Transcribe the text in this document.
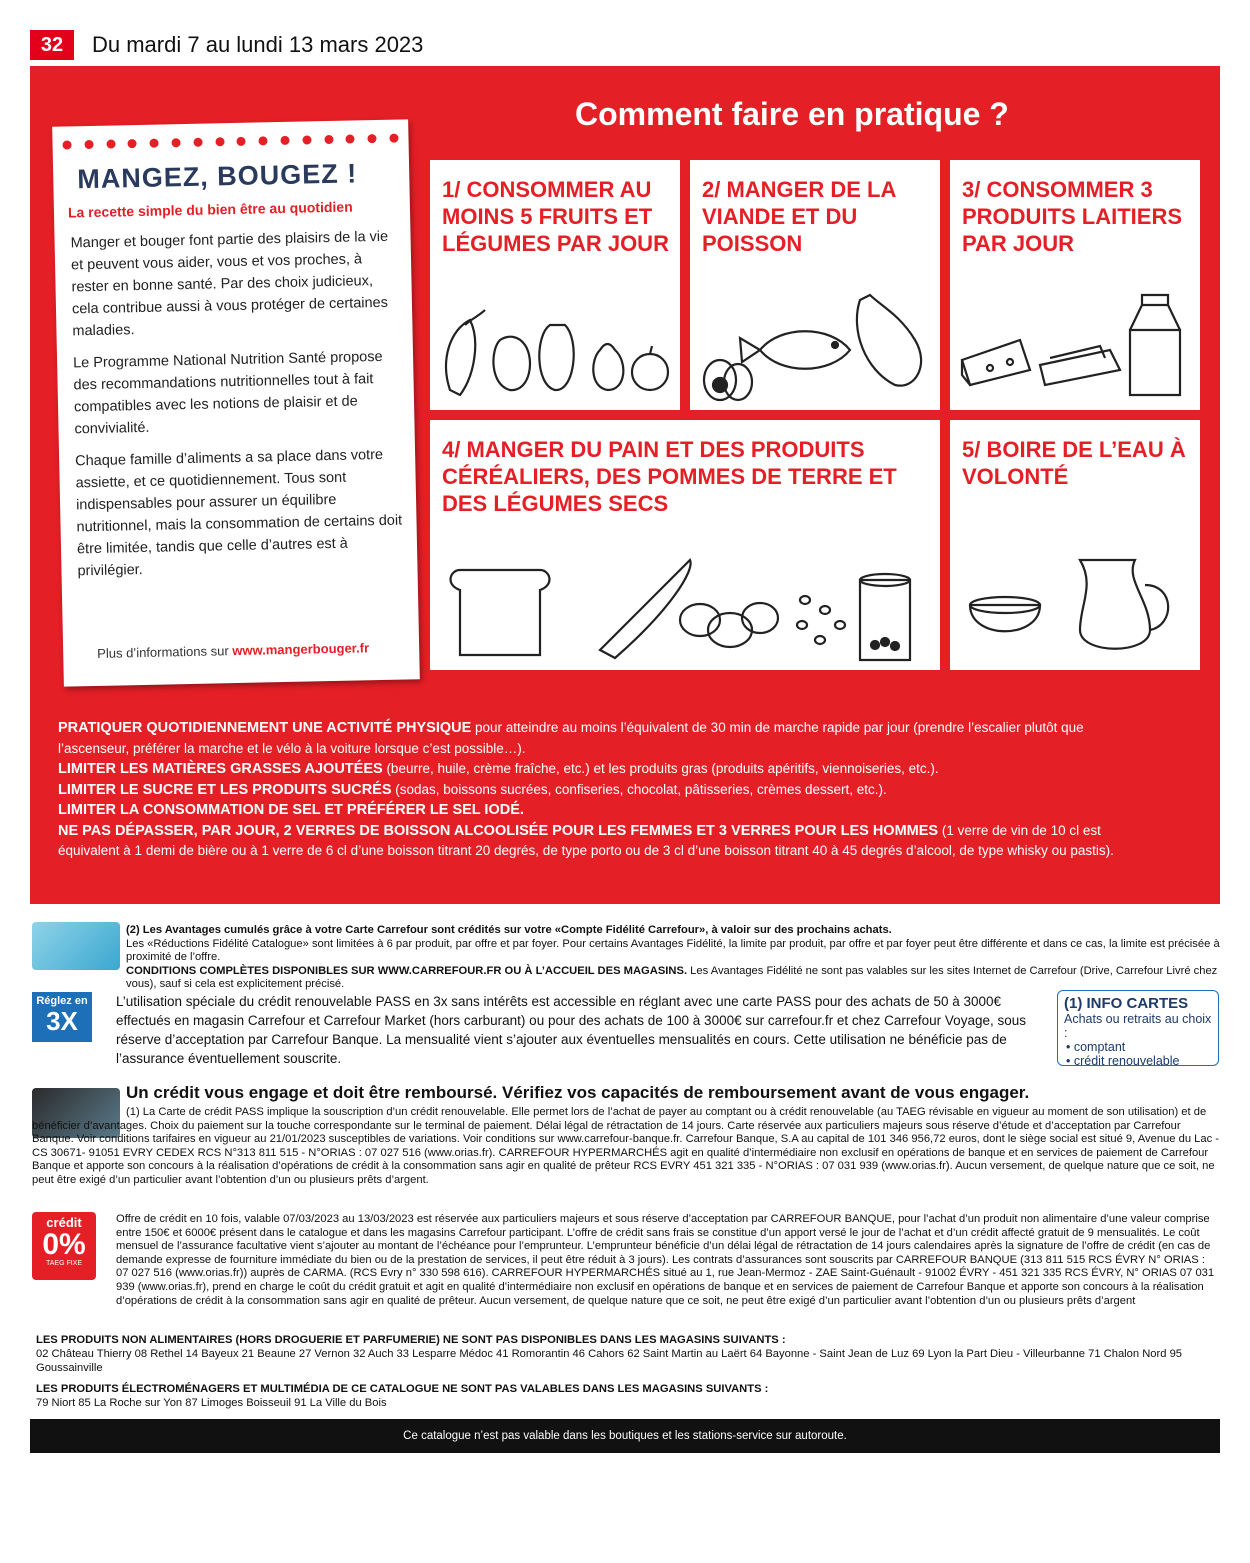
32	Du mardi 7 au lundi 13 mars 2023
Comment faire en pratique ?
MANGEZ, BOUGEZ !
La recette simple du bien être au quotidien

Manger et bouger font partie des plaisirs de la vie et peuvent vous aider, vous et vos proches, à rester en bonne santé. Par des choix judicieux, cela contribue aussi à vous protéger de certaines maladies.

Le Programme National Nutrition Santé propose des recommandations nutritionnelles tout à fait compatibles avec les notions de plaisir et de convivialité.

Chaque famille d’aliments a sa place dans votre assiette, et ce quotidiennement. Tous sont indispensables pour assurer un équilibre nutritionnel, mais la consommation de certains doit être limitée, tandis que celle d’autres est à privilégier.

Plus d’informations sur www.mangerbouger.fr
1/ CONSOMMER AU MOINS 5 FRUITS ET LÉGUMES PAR JOUR
2/ MANGER DE LA VIANDE ET DU POISSON
3/ CONSOMMER 3 PRODUITS LAITIERS PAR JOUR
4/ MANGER DU PAIN ET DES PRODUITS CÉRÉALIERS, DES POMMES DE TERRE ET DES LÉGUMES SECS
5/ BOIRE DE L’EAU À VOLONTÉ
PRATIQUER QUOTIDIENNEMENT UNE ACTIVITÉ PHYSIQUE pour atteindre au moins l’équivalent de 30 min de marche rapide par jour (prendre l’escalier plutôt que l’ascenseur, préférer la marche et le vélo à la voiture lorsque c’est possible…).
LIMITER LES MATIÈRES GRASSES AJOUTÉES (beurre, huile, crème fraîche, etc.) et les produits gras (produits apéritifs, viennoiseries, etc.).
LIMITER LE SUCRE ET LES PRODUITS SUCRÉS (sodas, boissons sucrées, confiseries, chocolat, pâtisseries, crèmes dessert, etc.).
LIMITER LA CONSOMMATION DE SEL ET PRÉFÉRER LE SEL IODÉ.
NE PAS DÉPASSER, PAR JOUR, 2 VERRES DE BOISSON ALCOOLISÉE POUR LES FEMMES ET 3 VERRES POUR LES HOMMES (1 verre de vin de 10 cl est équivalent à 1 demi de bière ou à 1 verre de 6 cl d’une boisson titrant 20 degrés, de type porto ou de 3 cl d’une boisson titrant 40 à 45 degrés d’alcool, de type whisky ou pastis).
(2) Les Avantages cumulés grâce à votre Carte Carrefour sont crédités sur votre «Compte Fidélité Carrefour», à valoir sur des prochains achats.
Les «Réductions Fidélité Catalogue» sont limitées à 6 par produit, par offre et par foyer. Pour certains Avantages Fidélité, la limite par produit, par offre et par foyer peut être différente et dans ce cas, la limite est précisée à proximité de l’offre.
CONDITIONS COMPLÈTES DISPONIBLES SUR WWW.CARREFOUR.FR OU À L’ACCUEIL DES MAGASINS. Les Avantages Fidélité ne sont pas valables sur les sites Internet de Carrefour (Drive, Carrefour Livré chez vous), sauf si cela est explicitement précisé.
Réglez en
3X
L’utilisation spéciale du crédit renouvelable PASS en 3x sans intérêts est accessible en réglant avec une carte PASS pour des achats de 50 à 3000€ effectués en magasin Carrefour et Carrefour Market (hors carburant) ou pour des achats de 100 à 3000€ sur carrefour.fr et chez Carrefour Voyage, sous réserve d’acceptation par Carrefour Banque. La mensualité vient s’ajouter aux éventuelles mensualités en cours. Cette utilisation ne bénéficie pas de l’assurance éventuellement souscrite.
(1) INFO CARTES
Achats ou retraits au choix :
• comptant
• crédit renouvelable
Un crédit vous engage et doit être remboursé. Vérifiez vos capacités de remboursement avant de vous engager.
(1) La Carte de crédit PASS implique la souscription d’un crédit renouvelable. Elle permet lors de l’achat de payer au comptant ou à crédit renouvelable (au TAEG révisable en vigueur au moment de son utilisation) et de bénéficier d’avantages. Choix du paiement sur la touche correspondante sur le terminal de paiement. Délai légal de rétractation de 14 jours. Carte réservée aux particuliers majeurs sous réserve d’étude et d’acceptation par Carrefour Banque. Voir conditions tarifaires en vigueur au 21/01/2023 susceptibles de variations. Voir conditions sur www.carrefour-banque.fr. Carrefour Banque, S.A au capital de 101 346 956,72 euros, dont le siège social est situé 9, Avenue du Lac - CS 30671- 91051 EVRY CEDEX RCS N°313 811 515 - N°ORIAS : 07 027 516 (www.orias.fr). CARREFOUR HYPERMARCHÉS agit en qualité d’intermédiaire non exclusif en opérations de banque et en services de paiement de Carrefour Banque et apporte son concours à la réalisation d’opérations de crédit à la consommation sans agir en qualité de prêteur RCS EVRY 451 321 335 - N°ORIAS : 07 031 939 (www.orias.fr). Aucun versement, de quelque nature que ce soit, ne peut être exigé d’un particulier avant l’obtention d’un ou plusieurs prêts d’argent.
crédit
0%
TAEG FIXE
Offre de crédit en 10 fois, valable 07/03/2023 au 13/03/2023 est réservée aux particuliers majeurs et sous réserve d’acceptation par CARREFOUR BANQUE, pour l’achat d’un produit non alimentaire d’une valeur comprise entre 150€ et 6000€ présent dans le catalogue et dans les magasins Carrefour participant. L’offre de crédit sans frais se constitue d’un apport versé le jour de l’achat et d’un crédit affecté gratuit de 9 mensualités. Le coût mensuel de l’assurance facultative vient s’ajouter au montant de l’échéance pour l’emprunteur. L’emprunteur bénéficie d’un délai légal de rétractation de 14 jours calendaires après la signature de l’offre de crédit (en cas de demande expresse de fourniture immédiate du bien ou de la prestation de services, il peut être réduit à 3 jours). Les contrats d’assurances sont souscrits par CARREFOUR BANQUE (313 811 515 RCS ÉVRY N° ORIAS : 07 027 516 (www.orias.fr)) auprès de CARMA. (RCS Evry n° 330 598 616). CARREFOUR HYPERMARCHÉS situé au 1, rue Jean-Mermoz - ZAE Saint-Guénault - 91002 ÉVRY - 451 321 335 RCS ÉVRY, N° ORIAS 07 031 939 (www.orias.fr), prend en charge le coût du crédit gratuit et agit en qualité d’intermédiaire non exclusif en opérations de banque et en services de paiement de Carrefour Banque et apporte son concours à la réalisation d’opérations de crédit à la consommation sans agir en qualité de prêteur. Aucun versement, de quelque nature que ce soit, ne peut être exigé d’un particulier avant l’obtention d’un ou plusieurs prêts d’argent
LES PRODUITS NON ALIMENTAIRES (HORS DROGUERIE ET PARFUMERIE) NE SONT PAS DISPONIBLES DANS LES MAGASINS SUIVANTS :
02 Château Thierry 08 Rethel 14 Bayeux 21 Beaune 27 Vernon 32 Auch 33 Lesparre Médoc 41 Romorantin 46 Cahors 62 Saint Martin au Laërt 64 Bayonne - Saint Jean de Luz 69 Lyon la Part Dieu - Villeurbanne 71 Chalon Nord 95 Goussainville
LES PRODUITS ÉLECTROMÉNAGERS ET MULTIMÉDIA DE CE CATALOGUE NE SONT PAS VALABLES DANS LES MAGASINS SUIVANTS :
79 Niort 85 La Roche sur Yon 87 Limoges Boisseuil 91 La Ville du Bois
Ce catalogue n’est pas valable dans les boutiques et les stations-service sur autoroute.
